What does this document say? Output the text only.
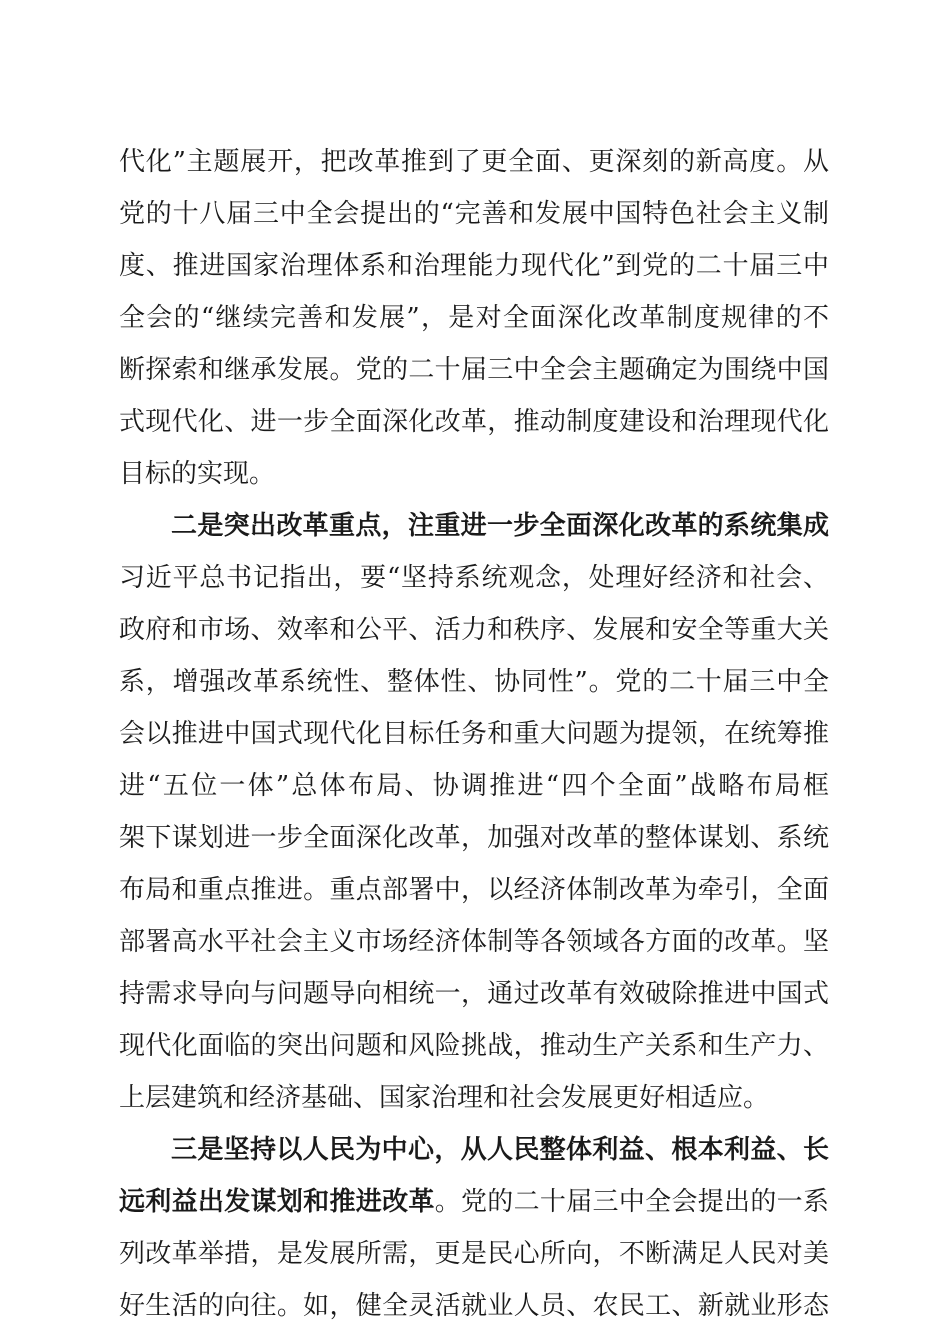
代化”主题展开，把改革推到了更全面、更深刻的新高度。从
党的十八届三中全会提出的“完善和发展中国特色社会主义制
度、推进国家治理体系和治理能力现代化”到党的二十届三中
全会的“继续完善和发展”，是对全面深化改革制度规律的不
断探索和继承发展。党的二十届三中全会主题确定为围绕中国
式现代化、进一步全面深化改革，推动制度建设和治理现代化
目标的实现。
二是突出改革重点，注重进一步全面深化改革的系统集成
习近平总书记指出，要“坚持系统观念，处理好经济和社会、
政府和市场、效率和公平、活力和秩序、发展和安全等重大关
系，增强改革系统性、整体性、协同性”。党的二十届三中全
会以推进中国式现代化目标任务和重大问题为提领，在统筹推
进“五位一体”总体布局、协调推进“四个全面”战略布局框
架下谋划进一步全面深化改革，加强对改革的整体谋划、系统
布局和重点推进。重点部署中，以经济体制改革为牵引，全面
部署高水平社会主义市场经济体制等各领域各方面的改革。坚
持需求导向与问题导向相统一，通过改革有效破除推进中国式
现代化面临的突出问题和风险挑战，推动生产关系和生产力、
上层建筑和经济基础、国家治理和社会发展更好相适应。
三是坚持以人民为中心，从人民整体利益、根本利益、长
远利益出发谋划和推进改革。党的二十届三中全会提出的一系
列改革举措，是发展所需，更是民心所向，不断满足人民对美
好生活的向往。如，健全灵活就业人员、农民工、新就业形态
